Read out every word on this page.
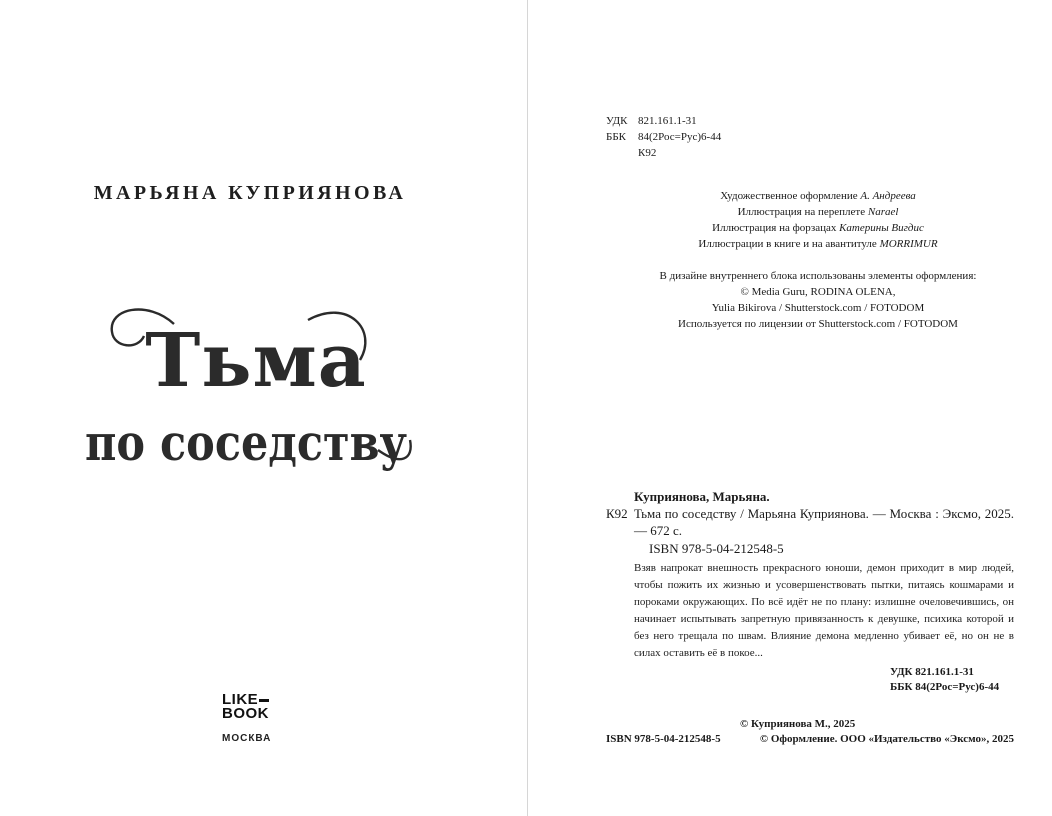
МАРЬЯНА КУПРИЯНОВА
Тьма
по соседству
LIKE
BOOK
МОСКВА
УДК 821.161.1-31
ББК	84(2Рос=Рус)6-44
К92
Художественное оформление А. Андреева
Иллюстрация на переплете Narael
Иллюстрация на форзацах Катерины Вигдис
Иллюстрации в книге и на авантитуле MORRIMUR
В дизайне внутреннего блока использованы элементы оформления:
© Media Guru, RODINA OLENA,
Yulia Bikirova / Shutterstock.com / FOTODOM
Используется по лицензии от Shutterstock.com / FOTODOM
Куприянова, Марьяна.
К92 Тьма по соседству / Марьяна Куприянова. — Москва : Эксмо, 2025. — 672 с.
ISBN 978-5-04-212548-5
Взяв напрокат внешность прекрасного юноши, демон приходит в мир людей, чтобы пожить их жизнью и усовершенствовать пытки, питаясь кошмарами и пороками окружающих. По всё идёт не по плану: излишне очеловечившись, он начинает испытывать запретную привязанность к девушке, психика которой и без него трещала по швам. Влияние демона медленно убивает её, но он не в силах оставить её в покое...
УДК 821.161.1-31
ББК 84(2Рос=Рус)6-44
© Куприянова М., 2025
ISBN 978-5-04-212548-5	© Оформление. ООО «Издательство «Эксмо», 2025
